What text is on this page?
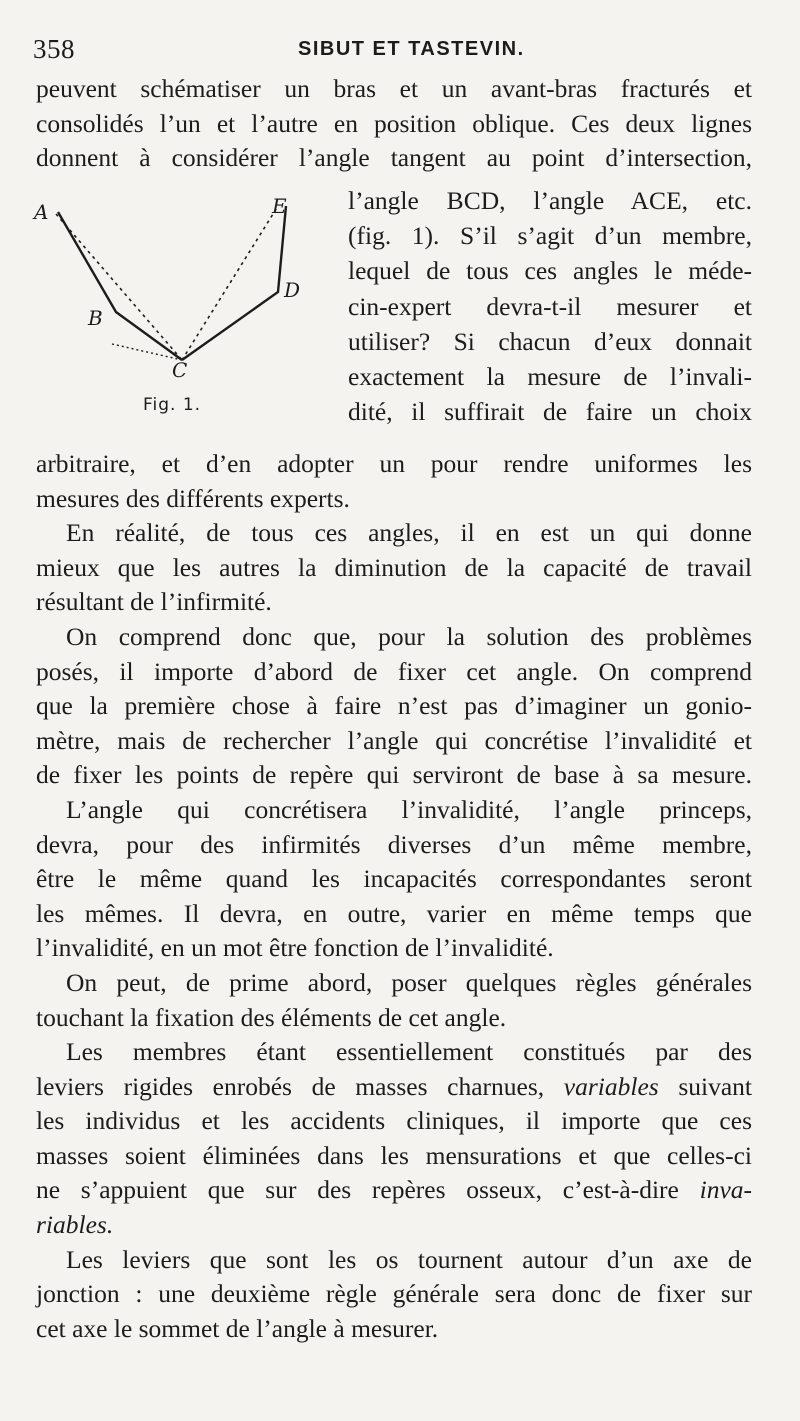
358	SIBUT ET TASTEVIN.
peuvent schématiser un bras et un avant-bras fracturés et
consolidés l’un et l’autre en position oblique. Ces deux lignes
donnent à considérer l’angle tangent au point d’intersection,
A	E
D
B
C
Fig. 1.
l’angle BCD, l’angle ACE, etc.
(fig. 1). S’il s’agit d’un membre,
lequel de tous ces angles le méde-
cin-expert devra-t-il mesurer et
utiliser? Si chacun d’eux donnait
exactement la mesure de l’invali-
dité, il suffirait de faire un choix
arbitraire, et d’en adopter un pour rendre uniformes les
mesures des différents experts.
En réalité, de tous ces angles, il en est un qui donne
mieux que les autres la diminution de la capacité de travail
résultant de l’infirmité.
On comprend donc que, pour la solution des problèmes
posés, il importe d’abord de fixer cet angle. On comprend
que la première chose à faire n’est pas d’imaginer un gonio-
mètre, mais de rechercher l’angle qui concrétise l’invalidité et
de fixer les points de repère qui serviront de base à sa mesure.
L’angle qui concrétisera l’invalidité, l’angle princeps,
devra, pour des infirmités diverses d’un même membre,
être le même quand les incapacités correspondantes seront
les mêmes. Il devra, en outre, varier en même temps que
l’invalidité, en un mot être fonction de l’invalidité.
On peut, de prime abord, poser quelques règles générales
touchant la fixation des éléments de cet angle.
Les membres étant essentiellement constitués par des
leviers rigides enrobés de masses charnues, variables suivant
les individus et les accidents cliniques, il importe que ces
masses soient éliminées dans les mensurations et que celles-ci
ne s’appuient que sur des repères osseux, c’est-à-dire inva-
riables.
Les leviers que sont les os tournent autour d’un axe de
jonction : une deuxième règle générale sera donc de fixer sur
cet axe le sommet de l’angle à mesurer.
